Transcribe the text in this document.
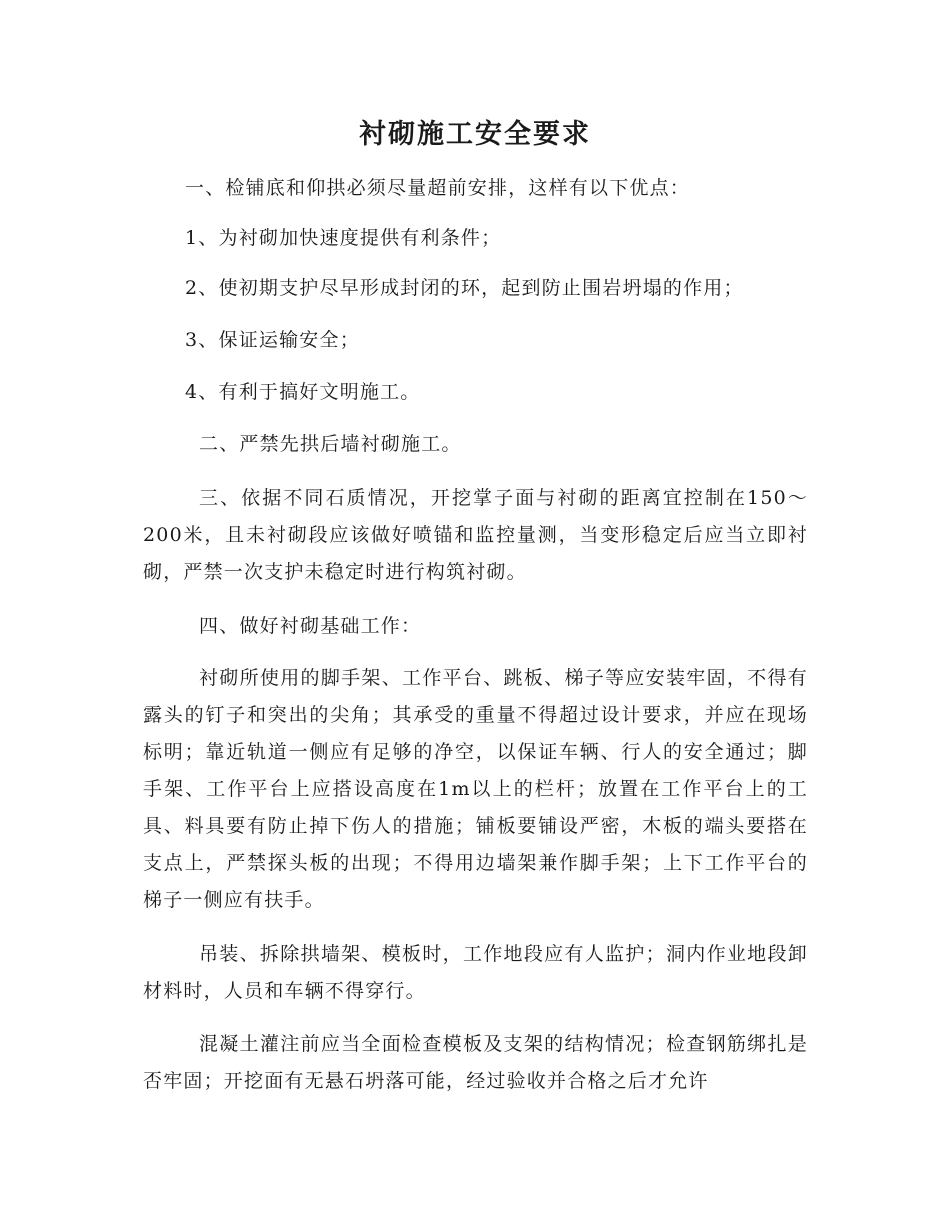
衬砌施工安全要求

一、检铺底和仰拱必须尽量超前安排，这样有以下优点：

1、为衬砌加快速度提供有利条件；

2、使初期支护尽早形成封闭的环，起到防止围岩坍塌的作用；

3、保证运输安全；

4、有利于搞好文明施工。

二、严禁先拱后墙衬砌施工。

三、依据不同石质情况，开挖掌子面与衬砌的距离宜控制在150～200米，且未衬砌段应该做好喷锚和监控量测，当变形稳定后应当立即衬砌，严禁一次支护未稳定时进行构筑衬砌。

四、做好衬砌基础工作：

衬砌所使用的脚手架、工作平台、跳板、梯子等应安装牢固，不得有露头的钉子和突出的尖角；其承受的重量不得超过设计要求，并应在现场标明；靠近轨道一侧应有足够的净空，以保证车辆、行人的安全通过；脚手架、工作平台上应搭设高度在1m以上的栏杆；放置在工作平台上的工具、料具要有防止掉下伤人的措施；铺板要铺设严密，木板的端头要搭在支点上，严禁探头板的出现；不得用边墙架兼作脚手架；上下工作平台的梯子一侧应有扶手。

吊装、拆除拱墙架、模板时，工作地段应有人监护；洞内作业地段卸材料时，人员和车辆不得穿行。

混凝土灌注前应当全面检查模板及支架的结构情况；检查钢筋绑扎是否牢固；开挖面有无悬石坍落可能，经过验收并合格之后才允许
